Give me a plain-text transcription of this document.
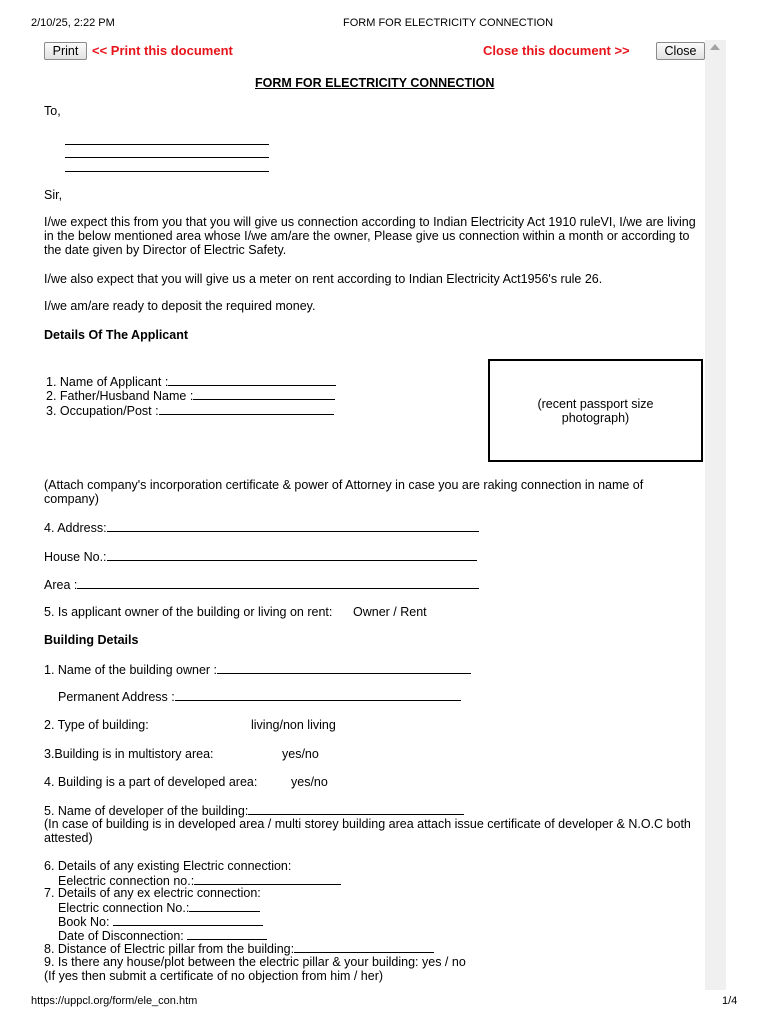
2/10/25, 2:22 PM	FORM FOR ELECTRICITY CONNECTION
Print	<< Print this document	Close this document >>	Close
FORM FOR ELECTRICITY CONNECTION
To,
Sir,
I/we expect this from you that you will give us connection according to Indian Electricity Act 1910 ruleVI, I/we are living in the below mentioned area whose I/we am/are the owner, Please give us connection within a month or according to the date given by Director of Electric Safety.
I/we also expect that you will give us a meter on rent according to Indian Electricity Act1956's rule 26.
I/we am/are ready to deposit the required money.
Details Of The Applicant
1. Name of Applicant :
2. Father/Husband Name :
3. Occupation/Post :
(recent passport size photograph)
(Attach company's incorporation certificate & power of Attorney in case you are raking connection in name of company)
4. Address:
House No.:
Area :
5. Is applicant owner of the building or living on rent: Owner / Rent
Building Details
1. Name of the building owner :
Permanent Address :
2. Type of building:	living/non living
3.Building is in multistory area:	yes/no
4. Building is a part of developed area:	yes/no
5. Name of developer of the building:
(In case of building is in developed area / multi storey building area attach issue certificate of developer & N.O.C both attested)
6. Details of any existing Electric connection:
Eelectric connection no.:
7. Details of any ex electric connection:
Electric connection No.:
Book No:
Date of Disconnection:
8. Distance of Electric pillar from the building:
9. Is there any house/plot between the electric pillar & your building: yes / no
(If yes then submit a certificate of no objection from him / her)
https://uppcl.org/form/ele_con.htm	1/4
